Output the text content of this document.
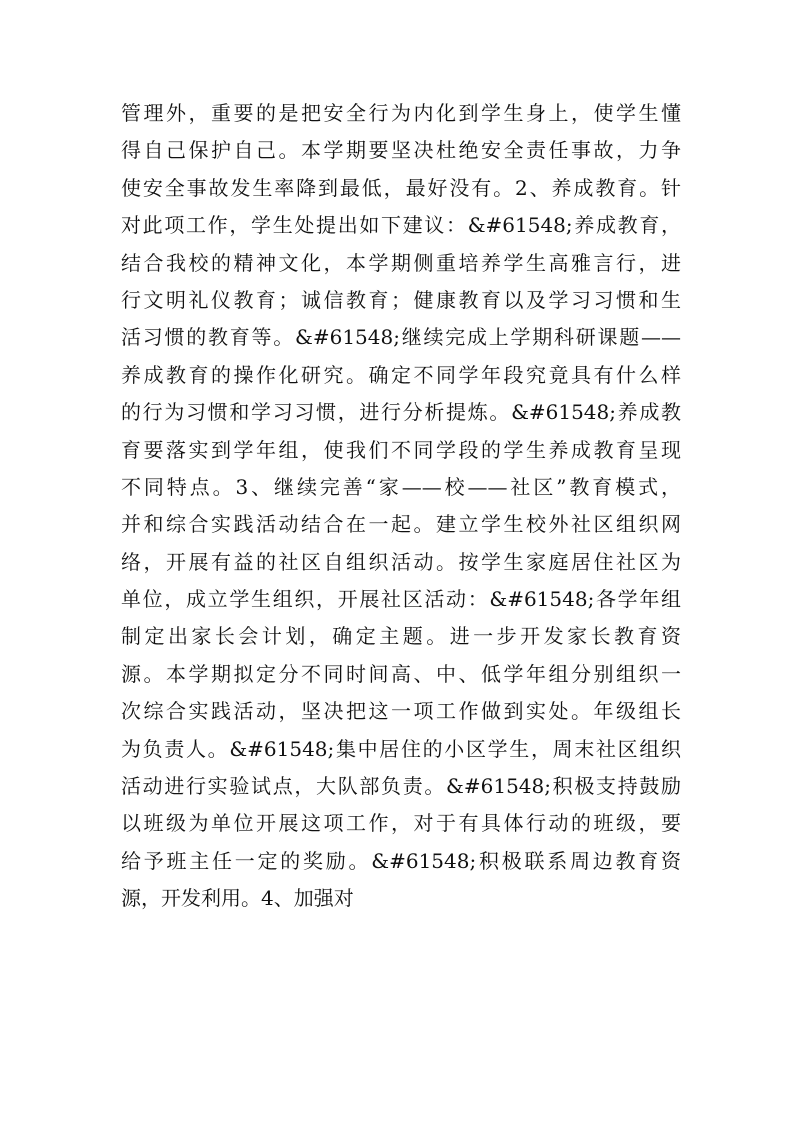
管理外，重要的是把安全行为内化到学生身上，使学生懂
得自己保护自己。本学期要坚决杜绝安全责任事故，力争
使安全事故发生率降到最低，最好没有。2、养成教育。针
对此项工作，学生处提出如下建议：&#61548;养成教育，
结合我校的精神文化，本学期侧重培养学生高雅言行，进
行文明礼仪教育；诚信教育；健康教育以及学习习惯和生
活习惯的教育等。&#61548;继续完成上学期科研课题——
养成教育的操作化研究。确定不同学年段究竟具有什么样
的行为习惯和学习习惯，进行分析提炼。&#61548;养成教
育要落实到学年组，使我们不同学段的学生养成教育呈现
不同特点。3、继续完善“家——校——社区”教育模式，
并和综合实践活动结合在一起。建立学生校外社区组织网
络，开展有益的社区自组织活动。按学生家庭居住社区为
单位，成立学生组织，开展社区活动：&#61548;各学年组
制定出家长会计划，确定主题。进一步开发家长教育资
源。本学期拟定分不同时间高、中、低学年组分别组织一
次综合实践活动，坚决把这一项工作做到实处。年级组长
为负责人。&#61548;集中居住的小区学生，周末社区组织
活动进行实验试点，大队部负责。&#61548;积极支持鼓励
以班级为单位开展这项工作，对于有具体行动的班级，要
给予班主任一定的奖励。&#61548;积极联系周边教育资
源，开发利用。4、加强对
